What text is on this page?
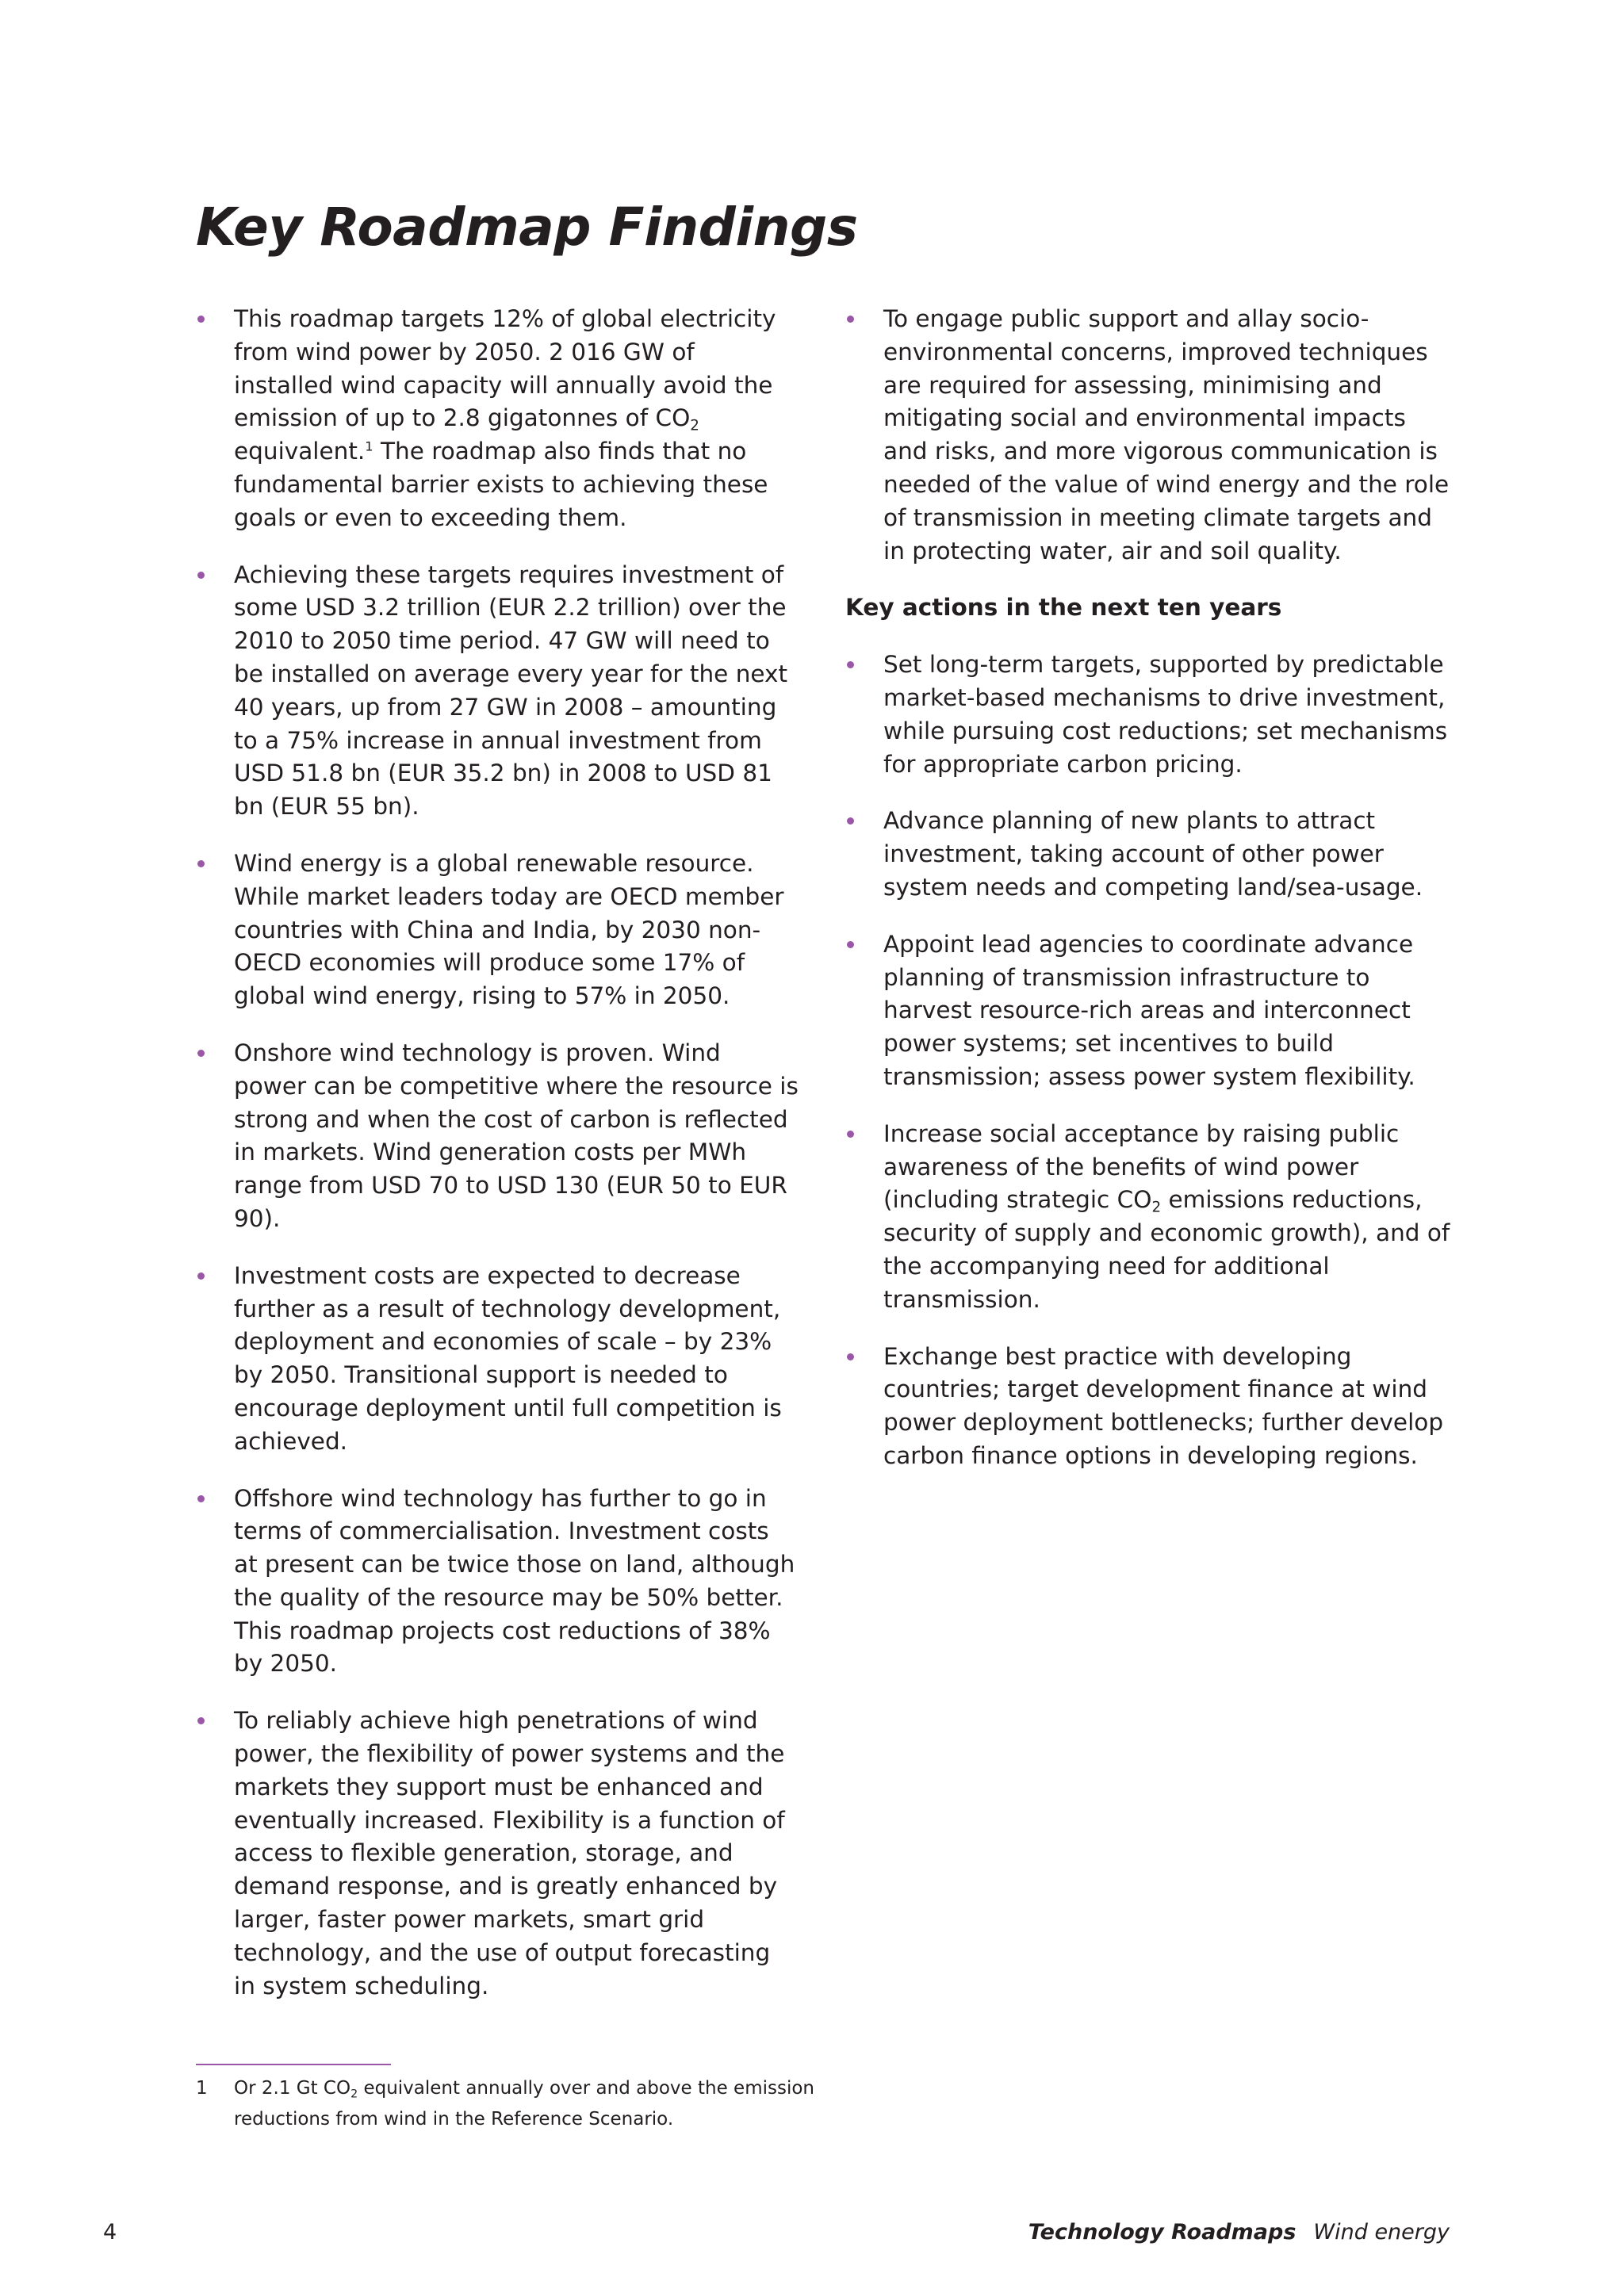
Key Roadmap Findings
This roadmap targets 12% of global electricity from wind power by 2050. 2 016 GW of installed wind capacity will annually avoid the emission of up to 2.8 gigatonnes of $CO_2$ equivalent.$^1$ The roadmap also finds that no fundamental barrier exists to achieving these goals or even to exceeding them.
Achieving these targets requires investment of some USD 3.2 trillion (EUR 2.2 trillion) over the 2010 to 2050 time period. 47 GW will need to be installed on average every year for the next 40 years, up from 27 GW in 2008 – amounting to a 75% increase in annual investment from USD 51.8 bn (EUR 35.2 bn) in 2008 to USD 81 bn (EUR 55 bn).
Wind energy is a global renewable resource. While market leaders today are OECD member countries with China and India, by 2030 non-OECD economies will produce some 17% of global wind energy, rising to 57% in 2050.
Onshore wind technology is proven. Wind power can be competitive where the resource is strong and when the cost of carbon is reflected in markets. Wind generation costs per MWh range from USD 70 to USD 130 (EUR 50 to EUR 90).
Investment costs are expected to decrease further as a result of technology development, deployment and economies of scale – by 23% by 2050. Transitional support is needed to encourage deployment until full competition is achieved.
Offshore wind technology has further to go in terms of commercialisation. Investment costs at present can be twice those on land, although the quality of the resource may be 50% better. This roadmap projects cost reductions of 38% by 2050.
To reliably achieve high penetrations of wind power, the flexibility of power systems and the markets they support must be enhanced and eventually increased. Flexibility is a function of access to flexible generation, storage, and demand response, and is greatly enhanced by larger, faster power markets, smart grid technology, and the use of output forecasting in system scheduling.
To engage public support and allay socio-environmental concerns, improved techniques are required for assessing, minimising and mitigating social and environmental impacts and risks, and more vigorous communication is needed of the value of wind energy and the role of transmission in meeting climate targets and in protecting water, air and soil quality.
Key actions in the next ten years
Set long-term targets, supported by predictable market-based mechanisms to drive investment, while pursuing cost reductions; set mechanisms for appropriate carbon pricing.
Advance planning of new plants to attract investment, taking account of other power system needs and competing land/sea-usage.
Appoint lead agencies to coordinate advance planning of transmission infrastructure to harvest resource-rich areas and interconnect power systems; set incentives to build transmission; assess power system flexibility.
Increase social acceptance by raising public awareness of the benefits of wind power (including strategic $CO_2$ emissions reductions, security of supply and economic growth), and of the accompanying need for additional transmission.
Exchange best practice with developing countries; target development finance at wind power deployment bottlenecks; further develop carbon finance options in developing regions.
1 Or 2.1 Gt $CO_2$ equivalent annually over and above the emission reductions from wind in the Reference Scenario.
4	Technology Roadmaps Wind energy
